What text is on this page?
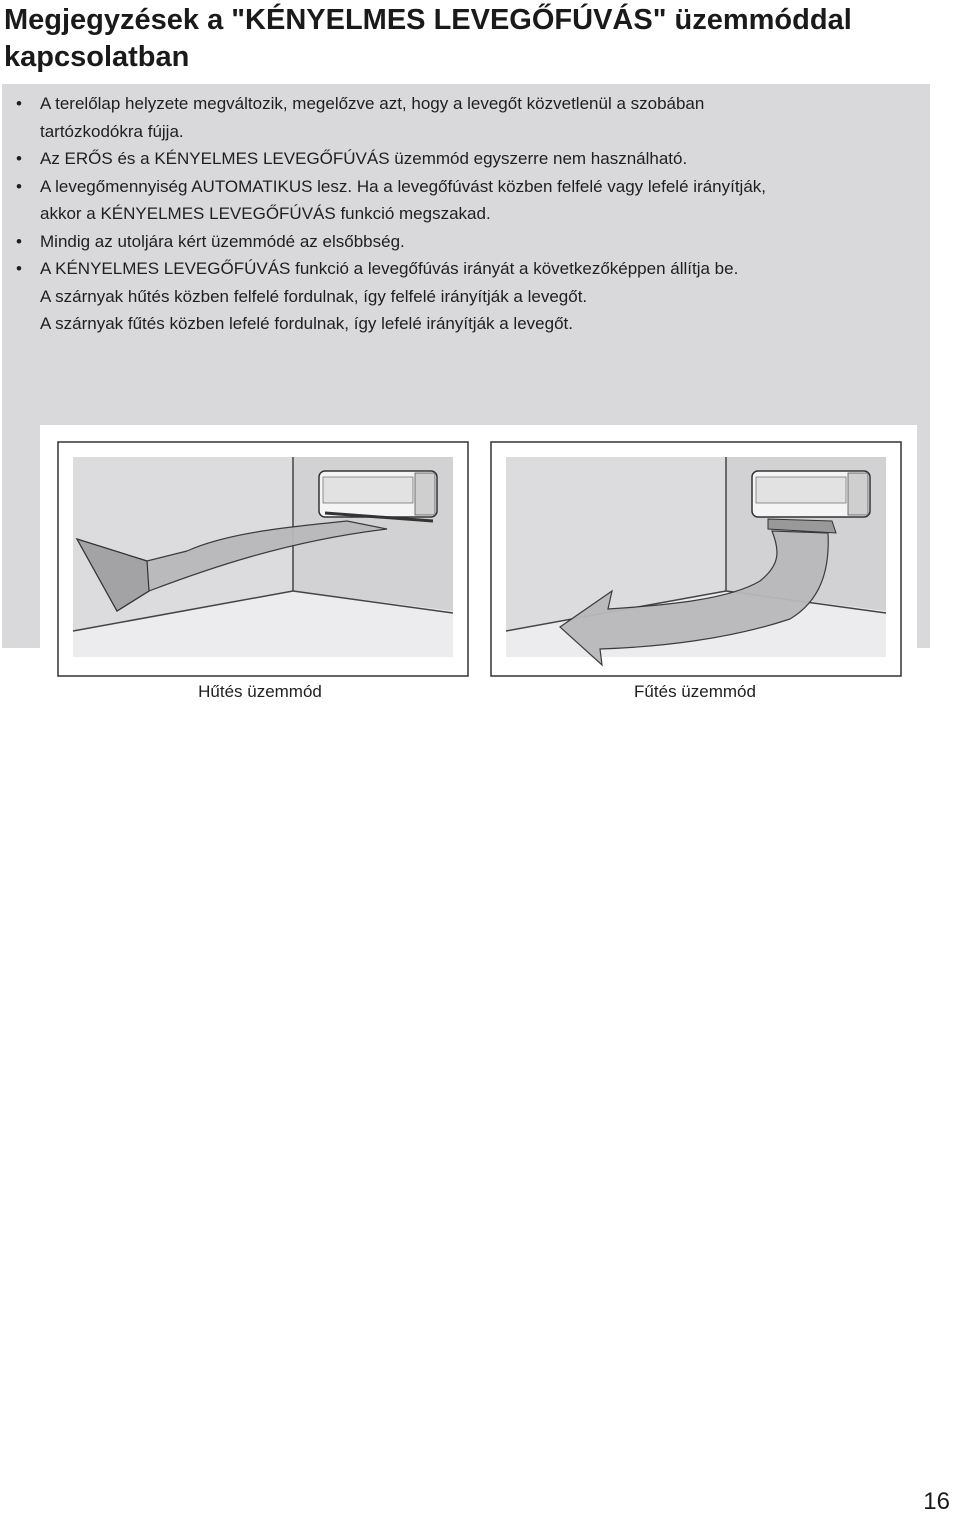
Megjegyzések a "KÉNYELMES LEVEGŐFÚVÁS" üzemmóddal kapcsolatban
• A terelőlap helyzete megváltozik, megelőzve azt, hogy a levegőt közvetlenül a szobában
tartózkodókra fújja.
• Az ERŐS és a KÉNYELMES LEVEGŐFÚVÁS üzemmód egyszerre nem használható.
• A levegőmennyiség AUTOMATIKUS lesz. Ha a levegőfúvást közben felfelé vagy lefelé irányítják,
akkor a KÉNYELMES LEVEGŐFÚVÁS funkció megszakad.
• Mindig az utoljára kért üzemmódé az elsőbbség.
• A KÉNYELMES LEVEGŐFÚVÁS funkció a levegőfúvás irányát a következőképpen állítja be.
A szárnyak hűtés közben felfelé fordulnak, így felfelé irányítják a levegőt.
A szárnyak fűtés közben lefelé fordulnak, így lefelé irányítják a levegőt.
Hűtés üzemmód	Fűtés üzemmód
16
